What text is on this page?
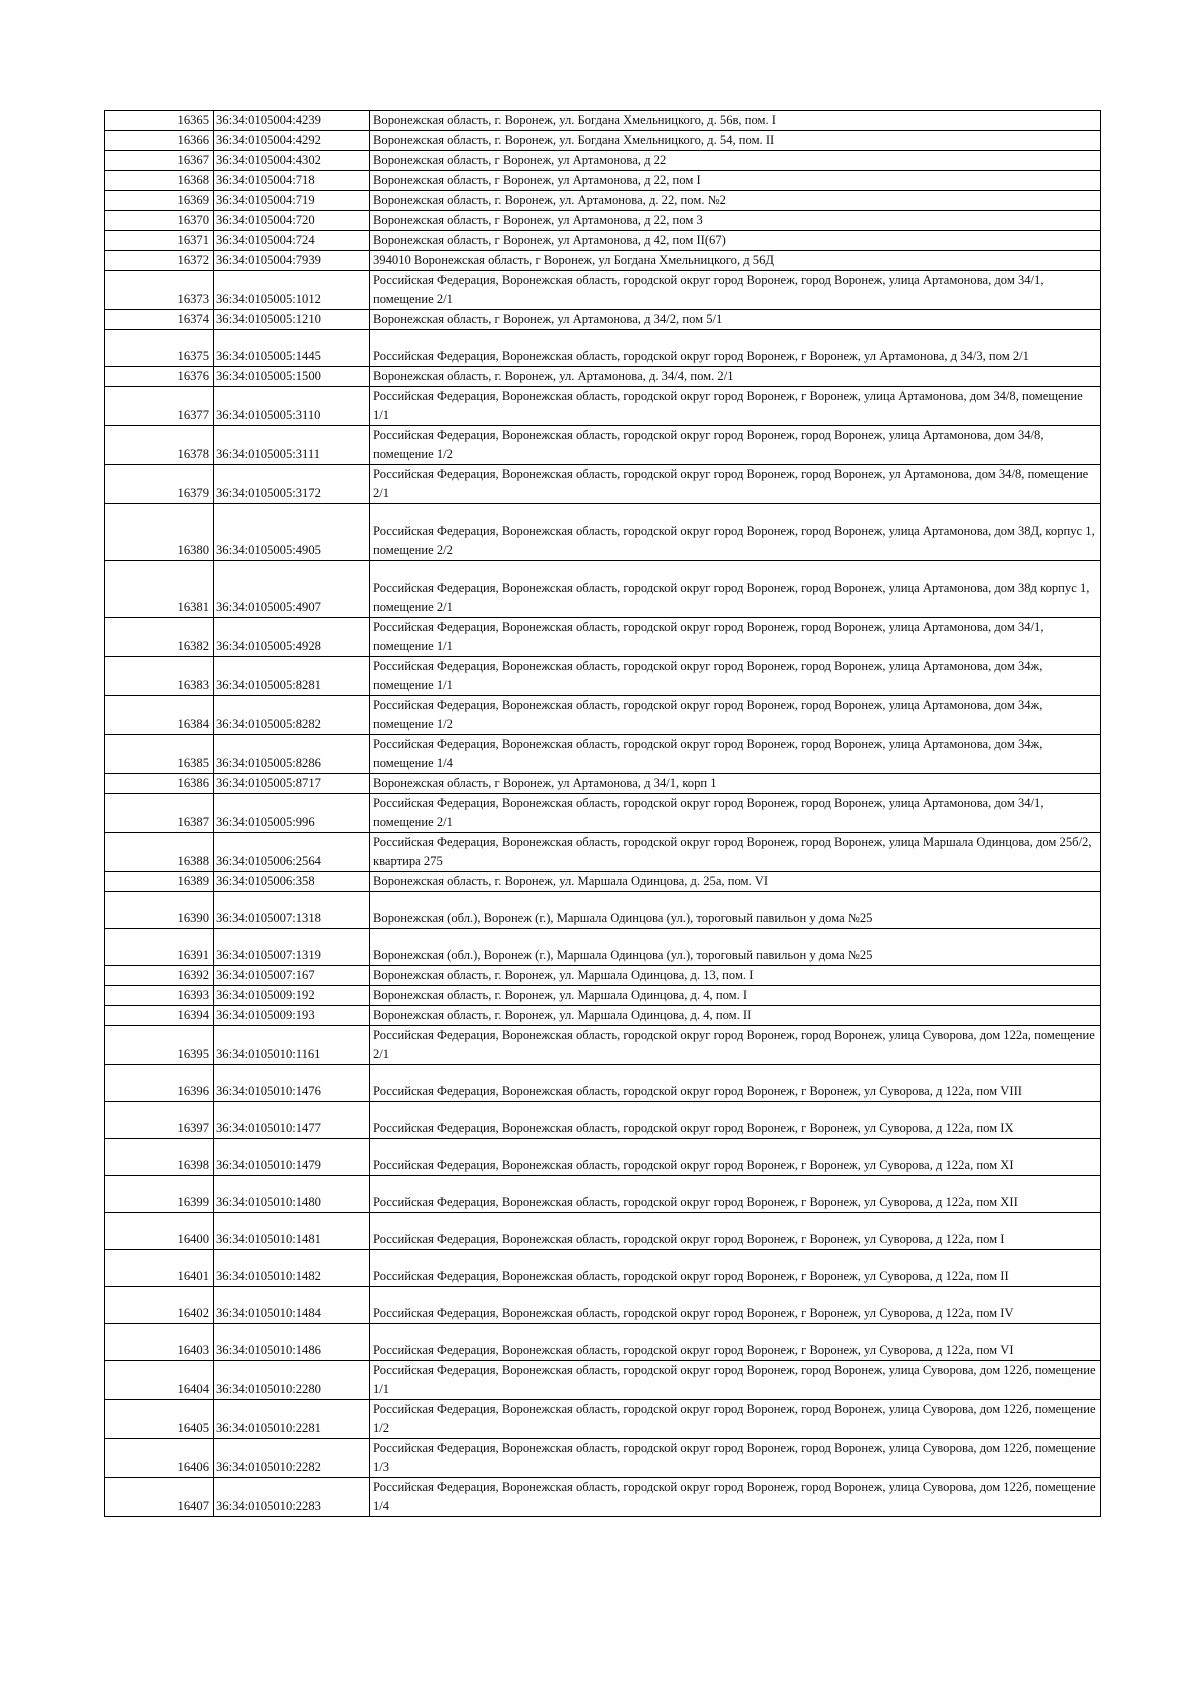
16365	36:34:0105004:4239	Воронежская область, г. Воронеж, ул. Богдана Хмельницкого, д. 56в, пом. I
16366	36:34:0105004:4292	Воронежская область, г. Воронеж, ул. Богдана Хмельницкого, д. 54, пом. II
16367	36:34:0105004:4302	Воронежская область, г Воронеж, ул Артамонова, д 22
16368	36:34:0105004:718	Воронежская область, г Воронеж, ул Артамонова, д 22, пом I
16369	36:34:0105004:719	Воронежская область, г. Воронеж, ул. Артамонова, д. 22, пом. №2
16370	36:34:0105004:720	Воронежская область, г Воронеж, ул Артамонова, д 22, пом 3
16371	36:34:0105004:724	Воронежская область, г Воронеж, ул Артамонова, д 42, пом II(67)
16372	36:34:0105004:7939	394010 Воронежская область, г Воронеж, ул Богдана Хмельницкого, д 56Д
16373	36:34:0105005:1012	Российская Федерация, Воронежская область, городской округ город Воронеж, город Воронеж, улица Артамонова, дом 34/1, помещение 2/1
16374	36:34:0105005:1210	Воронежская область, г Воронеж, ул Артамонова, д 34/2, пом 5/1
16375	36:34:0105005:1445	Российская Федерация, Воронежская область, городской округ город Воронеж, г Воронеж, ул Артамонова, д 34/3, пом 2/1
16376	36:34:0105005:1500	Воронежская область, г. Воронеж, ул. Артамонова, д. 34/4, пом. 2/1
16377	36:34:0105005:3110	Российская Федерация, Воронежская область, городской округ город Воронеж, г Воронеж, улица Артамонова, дом 34/8, помещение 1/1
16378	36:34:0105005:3111	Российская Федерация, Воронежская область, городской округ город Воронеж, город Воронеж, улица Артамонова, дом 34/8, помещение 1/2
16379	36:34:0105005:3172	Российская Федерация, Воронежская область, городской округ город Воронеж, город Воронеж, ул Артамонова, дом 34/8, помещение 2/1
16380	36:34:0105005:4905	Российская Федерация, Воронежская область, городской округ город Воронеж, город Воронеж, улица Артамонова, дом 38Д, корпус 1, помещение 2/2
16381	36:34:0105005:4907	Российская Федерация, Воронежская область, городской округ город Воронеж, город Воронеж, улица Артамонова, дом 38д корпус 1, помещение 2/1
16382	36:34:0105005:4928	Российская Федерация, Воронежская область, городской округ город Воронеж, город Воронеж, улица Артамонова, дом 34/1, помещение 1/1
16383	36:34:0105005:8281	Российская Федерация, Воронежская область, городской округ город Воронеж, город Воронеж, улица Артамонова, дом 34ж, помещение 1/1
16384	36:34:0105005:8282	Российская Федерация, Воронежская область, городской округ город Воронеж, город Воронеж, улица Артамонова, дом 34ж, помещение 1/2
16385	36:34:0105005:8286	Российская Федерация, Воронежская область, городской округ город Воронеж, город Воронеж, улица Артамонова, дом 34ж, помещение 1/4
16386	36:34:0105005:8717	Воронежская область, г Воронеж, ул Артамонова, д 34/1, корп 1
16387	36:34:0105005:996	Российская Федерация, Воронежская область, городской округ город Воронеж, город Воронеж, улица Артамонова, дом 34/1, помещение 2/1
16388	36:34:0105006:2564	Российская Федерация, Воронежская область, городской округ город Воронеж, город Воронеж, улица Маршала Одинцова, дом 25б/2, квартира 275
16389	36:34:0105006:358	Воронежская область, г. Воронеж, ул. Маршала Одинцова, д. 25а, пом. VI
16390	36:34:0105007:1318	Воронежская (обл.), Воронеж (г.), Маршала Одинцова (ул.), тороговый павильон у дома №25
16391	36:34:0105007:1319	Воронежская (обл.), Воронеж (г.), Маршала Одинцова (ул.), тороговый павильон у дома №25
16392	36:34:0105007:167	Воронежская область, г. Воронеж, ул. Маршала Одинцова, д. 13, пом. I
16393	36:34:0105009:192	Воронежская область, г. Воронеж, ул. Маршала Одинцова, д. 4, пом. I
16394	36:34:0105009:193	Воронежская область, г. Воронеж, ул. Маршала Одинцова, д. 4, пом. II
16395	36:34:0105010:1161	Российская Федерация, Воронежская область, городской округ город Воронеж, город Воронеж, улица Суворова, дом 122а, помещение 2/1
16396	36:34:0105010:1476	Российская Федерация, Воронежская область, городской округ город Воронеж, г Воронеж, ул Суворова, д 122а, пом VIII
16397	36:34:0105010:1477	Российская Федерация, Воронежская область, городской округ город Воронеж, г Воронеж, ул Суворова, д 122а, пом IX
16398	36:34:0105010:1479	Российская Федерация, Воронежская область, городской округ город Воронеж, г Воронеж, ул Суворова, д 122а, пом XI
16399	36:34:0105010:1480	Российская Федерация, Воронежская область, городской округ город Воронеж, г Воронеж, ул Суворова, д 122а, пом XII
16400	36:34:0105010:1481	Российская Федерация, Воронежская область, городской округ город Воронеж, г Воронеж, ул Суворова, д 122а, пом I
16401	36:34:0105010:1482	Российская Федерация, Воронежская область, городской округ город Воронеж, г Воронеж, ул Суворова, д 122а, пом II
16402	36:34:0105010:1484	Российская Федерация, Воронежская область, городской округ город Воронеж, г Воронеж, ул Суворова, д 122а, пом IV
16403	36:34:0105010:1486	Российская Федерация, Воронежская область, городской округ город Воронеж, г Воронеж, ул Суворова, д 122а, пом VI
16404	36:34:0105010:2280	Российская Федерация, Воронежская область, городской округ город Воронеж, город Воронеж, улица Суворова, дом 122б, помещение 1/1
16405	36:34:0105010:2281	Российская Федерация, Воронежская область, городской округ город Воронеж, город Воронеж, улица Суворова, дом 122б, помещение 1/2
16406	36:34:0105010:2282	Российская Федерация, Воронежская область, городской округ город Воронеж, город Воронеж, улица Суворова, дом 122б, помещение 1/3
16407	36:34:0105010:2283	Российская Федерация, Воронежская область, городской округ город Воронеж, город Воронеж, улица Суворова, дом 122б, помещение 1/4
